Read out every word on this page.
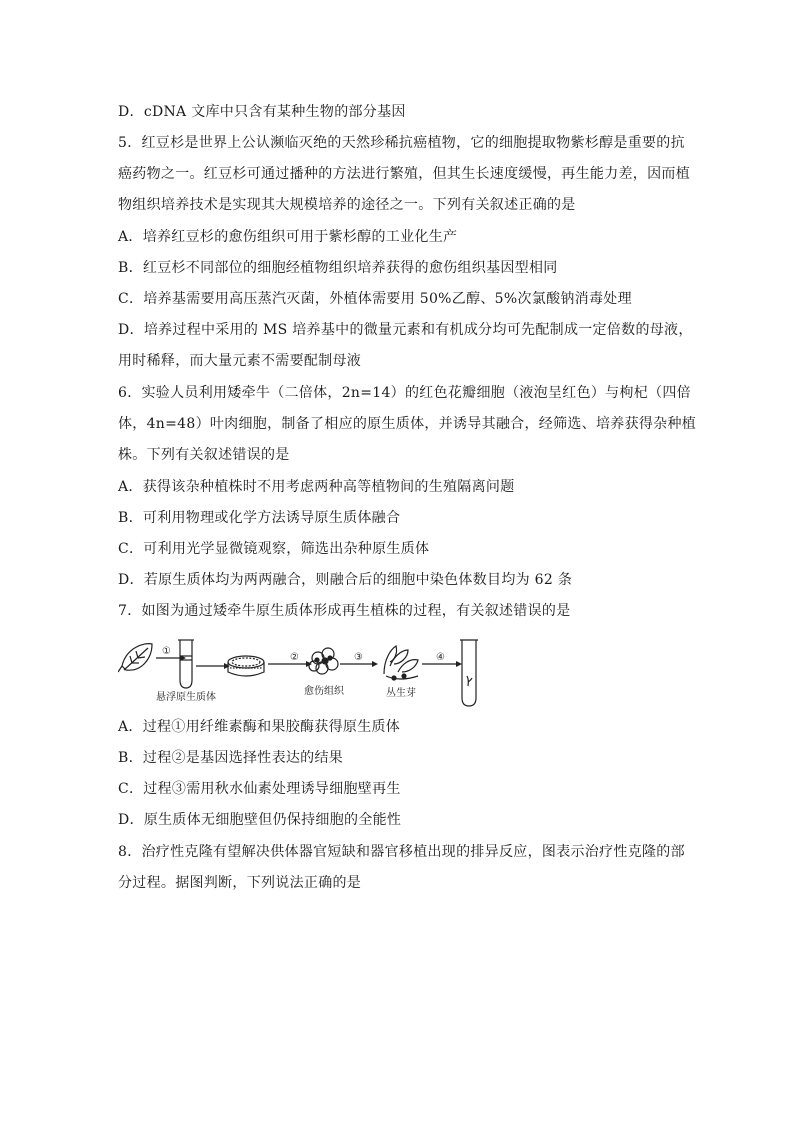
D．cDNA 文库中只含有某种生物的部分基因
5．红豆杉是世界上公认濒临灭绝的天然珍稀抗癌植物，它的细胞提取物紫杉醇是重要的抗
癌药物之一。红豆杉可通过播种的方法进行繁殖，但其生长速度缓慢，再生能力差，因而植
物组织培养技术是实现其大规模培养的途径之一。下列有关叙述正确的是
A．培养红豆杉的愈伤组织可用于紫杉醇的工业化生产
B．红豆杉不同部位的细胞经植物组织培养获得的愈伤组织基因型相同
C．培养基需要用高压蒸汽灭菌，外植体需要用 50%乙醇、5%次氯酸钠消毒处理
D．培养过程中采用的 MS 培养基中的微量元素和有机成分均可先配制成一定倍数的母液，
用时稀释，而大量元素不需要配制母液
6．实验人员利用矮牵牛（二倍体，2n=14）的红色花瓣细胞（液泡呈红色）与枸杞（四倍
体，4n=48）叶肉细胞，制备了相应的原生质体，并诱导其融合，经筛选、培养获得杂种植
株。下列有关叙述错误的是
A．获得该杂种植株时不用考虑两种高等植物间的生殖隔离问题
B．可利用物理或化学方法诱导原生质体融合
C．可利用光学显微镜观察，筛选出杂种原生质体
D．若原生质体均为两两融合，则融合后的细胞中染色体数目均为 62 条
7．如图为通过矮牵牛原生质体形成再生植株的过程，有关叙述错误的是
①
②	③	④
悬浮原生质体
愈伤组织	丛生芽
A．过程①用纤维素酶和果胶酶获得原生质体
B．过程②是基因选择性表达的结果
C．过程③需用秋水仙素处理诱导细胞壁再生
D．原生质体无细胞壁但仍保持细胞的全能性
8．治疗性克隆有望解决供体器官短缺和器官移植出现的排异反应，图表示治疗性克隆的部
分过程。据图判断，下列说法正确的是
